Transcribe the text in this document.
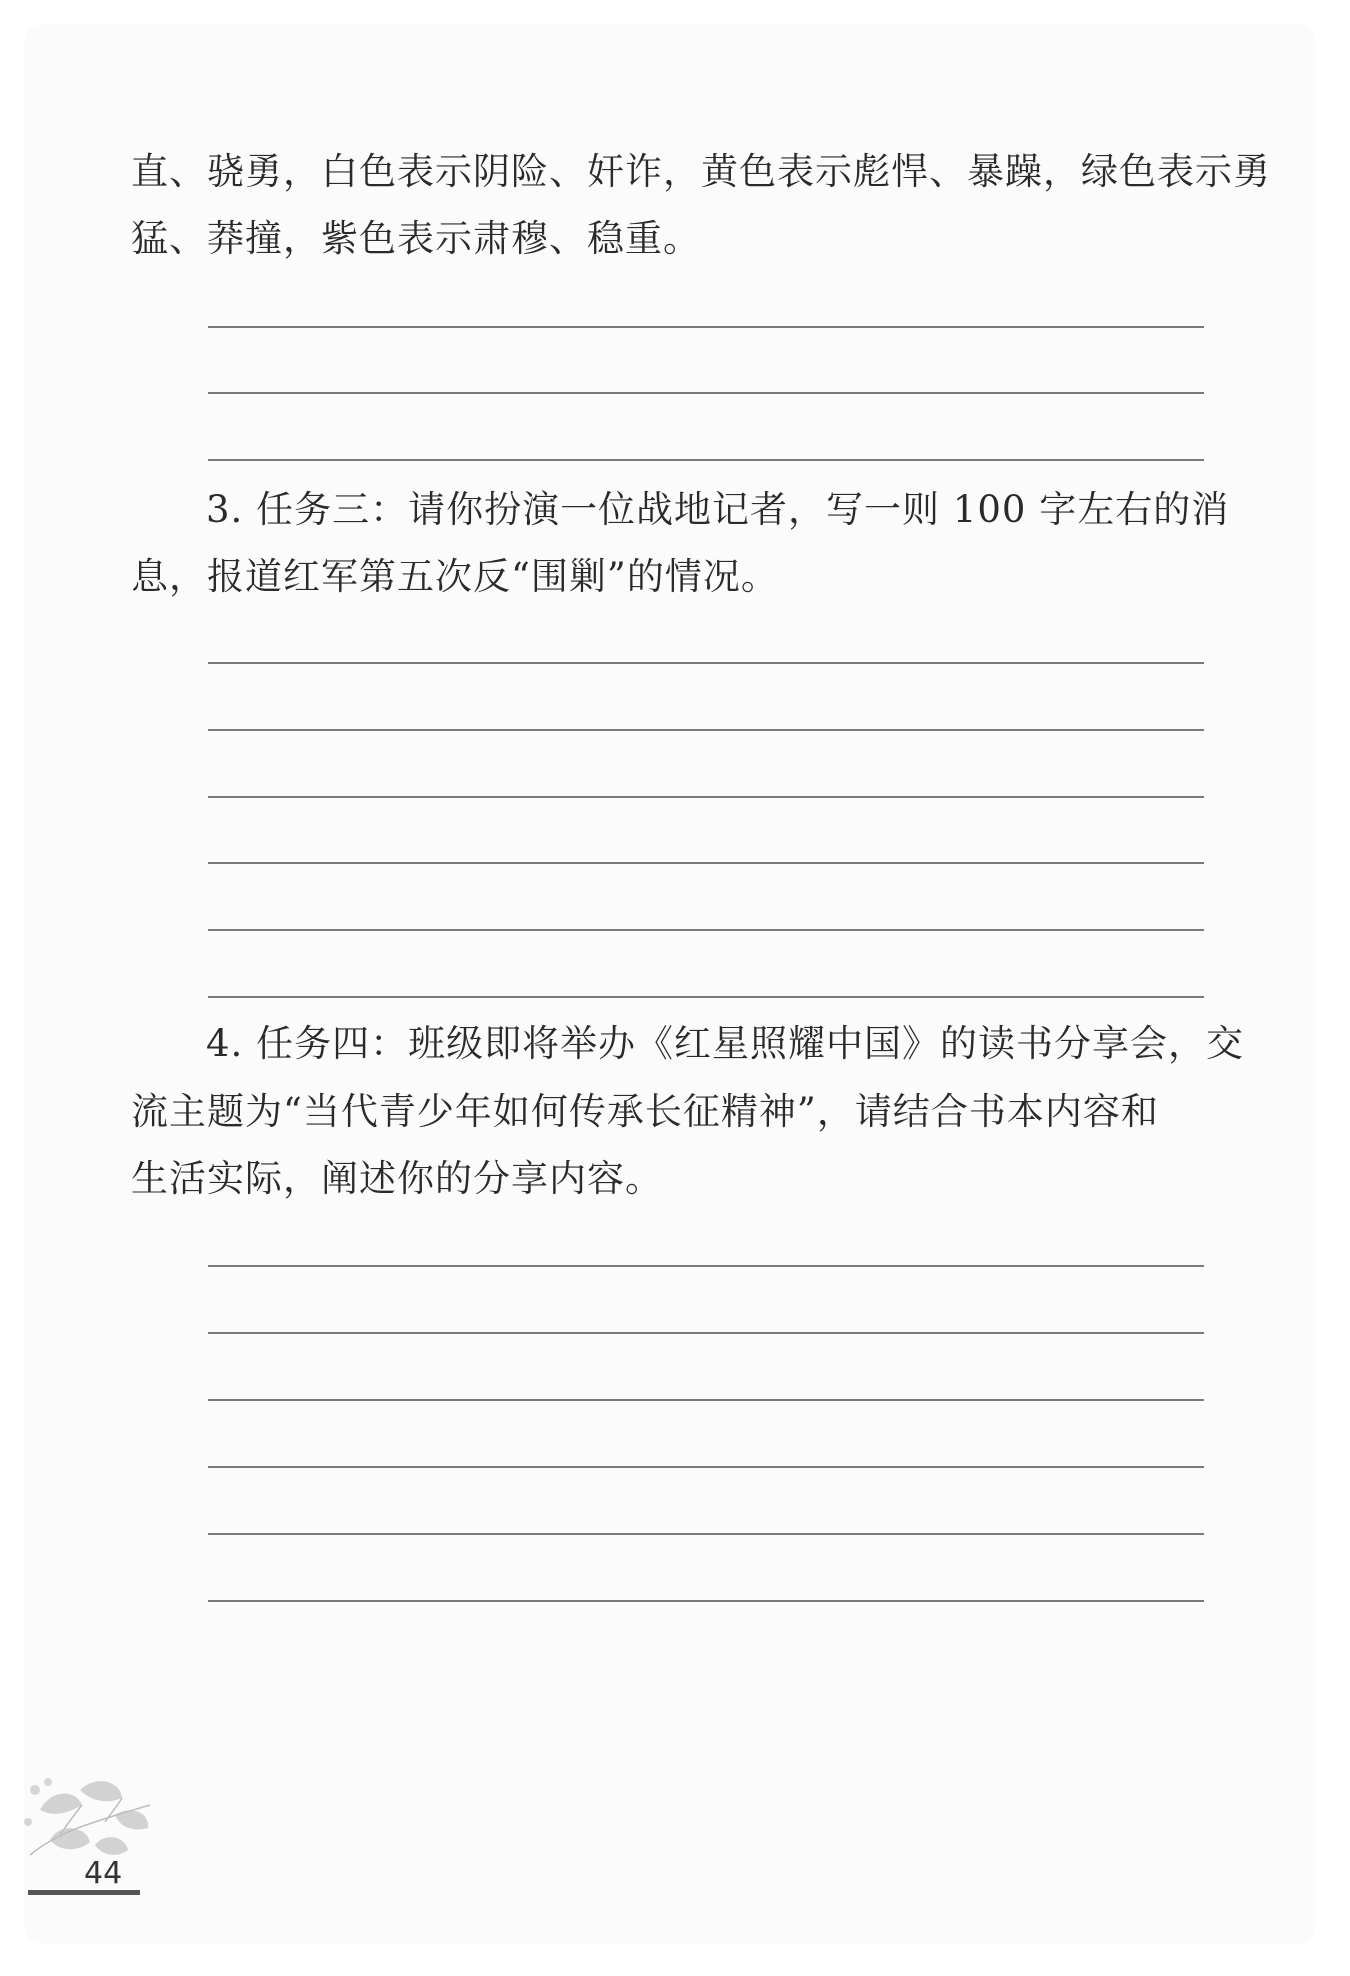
直、骁勇，白色表示阴险、奸诈，黄色表示彪悍、暴躁，绿色表示勇
猛、莽撞，紫色表示肃穆、稳重。
3. 任务三：请你扮演一位战地记者，写一则 100 字左右的消
息，报道红军第五次反“围剿”的情况。
4. 任务四：班级即将举办《红星照耀中国》的读书分享会，交
流主题为“当代青少年如何传承长征精神”，请结合书本内容和
生活实际，阐述你的分享内容。
44
